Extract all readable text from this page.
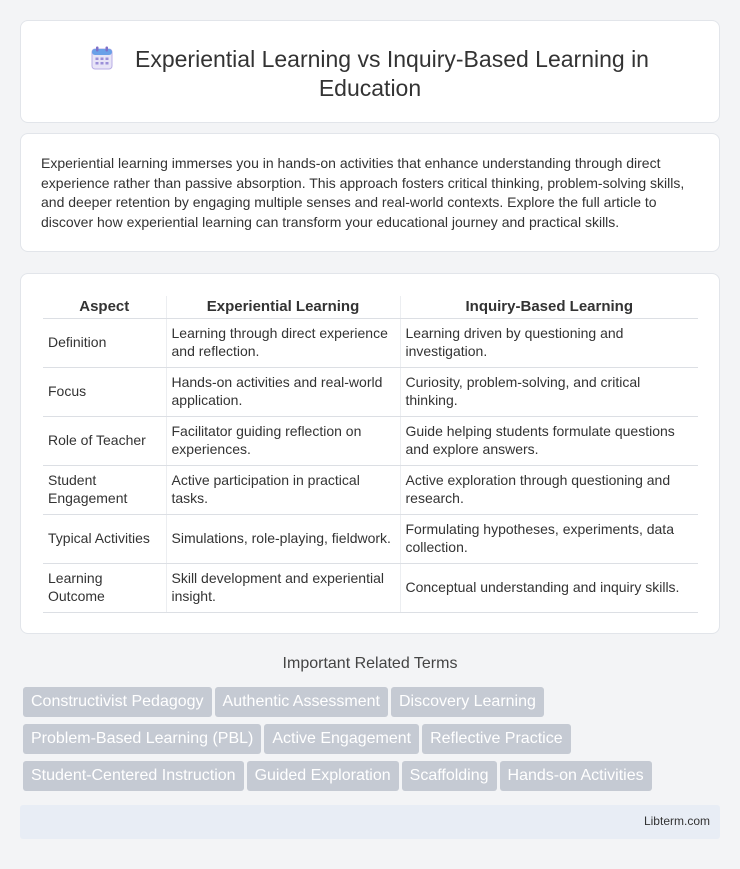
Experiential Learning vs Inquiry-Based Learning in
Education

Experiential learning immerses you in hands-on activities that enhance understanding through direct experience rather than passive absorption. This approach fosters critical thinking, problem-solving skills, and deeper retention by engaging multiple senses and real-world contexts. Explore the full article to discover how experiential learning can transform your educational journey and practical skills.

Aspect	Experiential Learning	Inquiry-Based Learning
Definition	Learning through direct experience and reflection.	Learning driven by questioning and investigation.
Focus	Hands-on activities and real-world application.	Curiosity, problem-solving, and critical thinking.
Role of Teacher	Facilitator guiding reflection on experiences.	Guide helping students formulate questions and explore answers.
Student Engagement	Active participation in practical tasks.	Active exploration through questioning and research.
Typical Activities	Simulations, role-playing, fieldwork.	Formulating hypotheses, experiments, data collection.
Learning Outcome	Skill development and experiential insight.	Conceptual understanding and inquiry skills.
Important Related Terms
Constructivist Pedagogy Authentic Assessment Discovery Learning
Problem-Based Learning (PBL) Active Engagement Reflective Practice
Student-Centered Instruction Guided Exploration Scaffolding Hands-on Activities
Libterm.com
